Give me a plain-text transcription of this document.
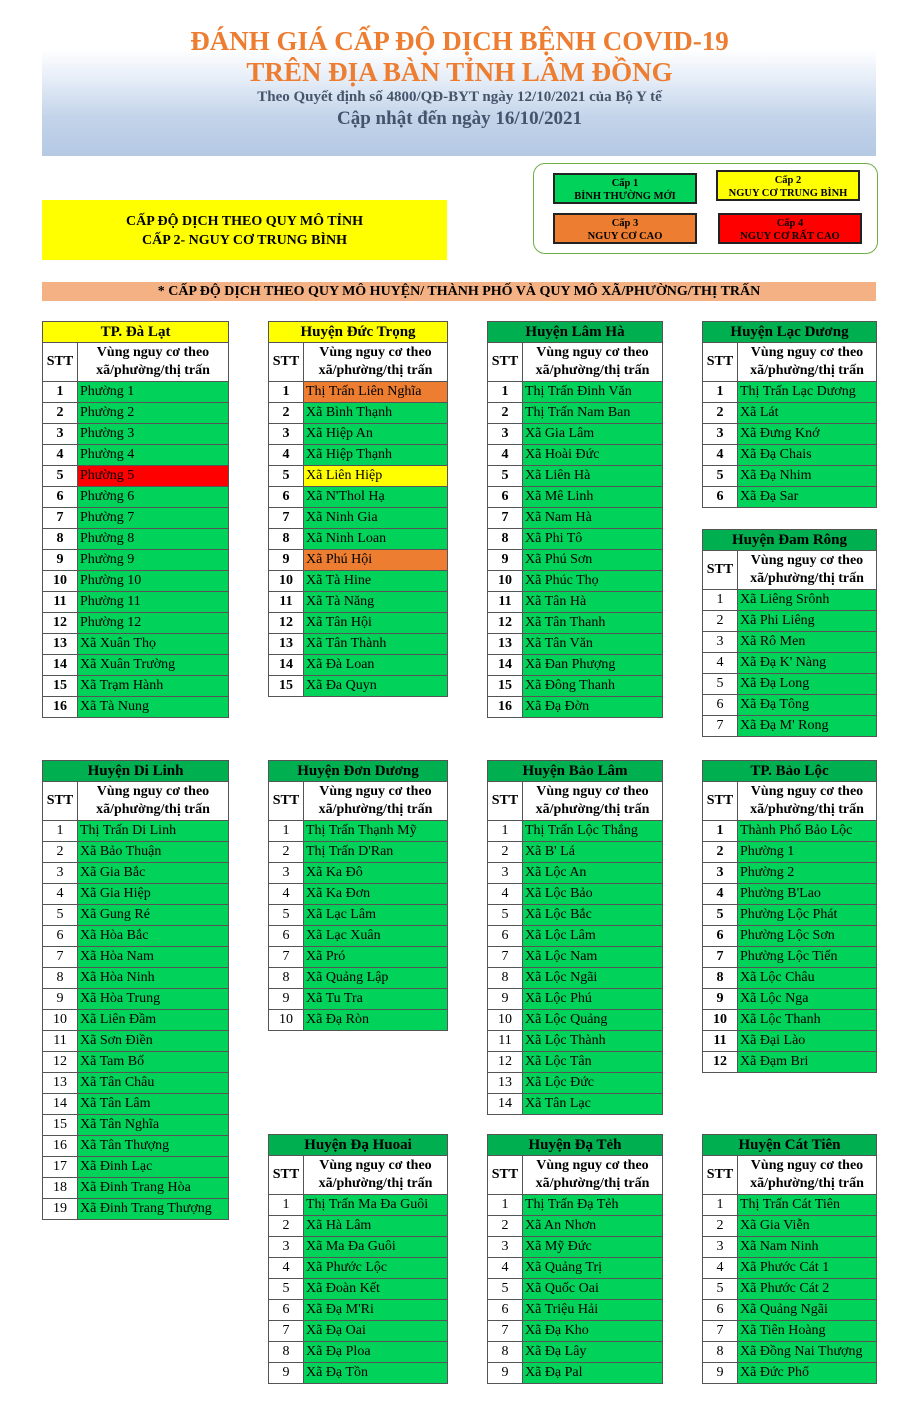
ĐÁNH GIÁ CẤP ĐỘ DỊCH BỆNH COVID-19
TRÊN ĐỊA BÀN TỈNH LÂM ĐỒNG
Theo Quyết định số 4800/QĐ-BYT ngày 12/10/2021 của Bộ Y tế
Cập nhật đến ngày 16/10/2021
Cấp 1
BÌNH THƯỜNG MỚI
Cấp 2
NGUY CƠ TRUNG BÌNH
Cấp 3
NGUY CƠ CAO
Cấp 4
NGUY CƠ RẤT CAO
CẤP ĐỘ DỊCH THEO QUY MÔ TỈNH
CẤP 2- NGUY CƠ TRUNG BÌNH
* CẤP ĐỘ DỊCH THEO QUY MÔ HUYỆN/ THÀNH PHỐ VÀ QUY MÔ XÃ/PHƯỜNG/THỊ TRẤN
TP. Đà Lạt	
STT	Vùng nguy cơ theo
xã/phường/thị trấn

1	Phường 1
2	Phường 2
3	Phường 3
4	Phường 4
5	Phường 5
6	Phường 6
7	Phường 7
8	Phường 8
9	Phường 9
10	Phường 10
11	Phường 11
12	Phường 12
13	Xã Xuân Thọ
14	Xã Xuân Trường
15	Xã Trạm Hành
16	Xã Tà Nung
Huyện Đức Trọng	
STT	Vùng nguy cơ theo
xã/phường/thị trấn

1	Thị Trấn Liên Nghĩa
2	Xã Bình Thạnh
3	Xã Hiệp An
4	Xã Hiệp Thạnh
5	Xã Liên Hiệp
6	Xã N'Thol Hạ
7	Xã Ninh Gia
8	Xã Ninh Loan
9	Xã Phú Hội
10	Xã Tà Hine
11	Xã Tà Năng
12	Xã Tân Hội
13	Xã Tân Thành
14	Xã Đà Loan
15	Xã Đa Quyn
Huyện Lâm Hà	
STT	Vùng nguy cơ theo
xã/phường/thị trấn

1	Thị Trấn Đinh Văn
2	Thị Trấn Nam Ban
3	Xã Gia Lâm
4	Xã Hoài Đức
5	Xã Liên Hà
6	Xã Mê Linh
7	Xã Nam Hà
8	Xã Phi Tô
9	Xã Phú Sơn
10	Xã Phúc Thọ
11	Xã Tân Hà
12	Xã Tân Thanh
13	Xã Tân Văn
14	Xã Đan Phượng
15	Xã Đông Thanh
16	Xã Đạ Đờn
Huyện Lạc Dương	
STT	Vùng nguy cơ theo
xã/phường/thị trấn

1	Thị Trấn Lạc Dương
2	Xã Lát
3	Xã Đưng Knớ
4	Xã Đạ Chais
5	Xã Đạ Nhim
6	Xã Đạ Sar
Huyện Đam Rông	
STT	Vùng nguy cơ theo
xã/phường/thị trấn

1	Xã Liêng Srônh
2	Xã Phi Liêng
3	Xã Rô Men
4	Xã Đạ K' Nàng
5	Xã Đạ Long
6	Xã Đạ Tông
7	Xã Đạ M' Rong
Huyện Di Linh	
STT	Vùng nguy cơ theo
xã/phường/thị trấn

1	Thị Trấn Di Linh
2	Xã Bảo Thuận
3	Xã Gia Bắc
4	Xã Gia Hiệp
5	Xã Gung Ré
6	Xã Hòa Bắc
7	Xã Hòa Nam
8	Xã Hòa Ninh
9	Xã Hòa Trung
10	Xã Liên Đầm
11	Xã Sơn Điền
12	Xã Tam Bố
13	Xã Tân Châu
14	Xã Tân Lâm
15	Xã Tân Nghĩa
16	Xã Tân Thượng
17	Xã Đinh Lạc
18	Xã Đinh Trang Hòa
19	Xã Đinh Trang Thượng
Huyện Đơn Dương	
STT	Vùng nguy cơ theo
xã/phường/thị trấn

1	Thị Trấn Thạnh Mỹ
2	Thị Trấn D'Ran
3	Xã Ka Đô
4	Xã Ka Đơn
5	Xã Lạc Lâm
6	Xã Lạc Xuân
7	Xã Pró
8	Xã Quảng Lập
9	Xã Tu Tra
10	Xã Đạ Ròn
Huyện Bảo Lâm	
STT	Vùng nguy cơ theo
xã/phường/thị trấn

1	Thị Trấn Lộc Thắng
2	Xã B' Lá
3	Xã Lộc An
4	Xã Lộc Bảo
5	Xã Lộc Bắc
6	Xã Lộc Lâm
7	Xã Lộc Nam
8	Xã Lộc Ngãi
9	Xã Lộc Phú
10	Xã Lộc Quảng
11	Xã Lộc Thành
12	Xã Lộc Tân
13	Xã Lộc Đức
14	Xã Tân Lạc
TP. Bảo Lộc	
STT	Vùng nguy cơ theo
xã/phường/thị trấn

1	Thành Phố Bảo Lộc
2	Phường 1
3	Phường 2
4	Phường B'Lao
5	Phường Lộc Phát
6	Phường Lộc Sơn
7	Phường Lộc Tiến
8	Xã Lộc Châu
9	Xã Lộc Nga
10	Xã Lộc Thanh
11	Xã Đại Lào
12	Xã Đạm Bri
Huyện Đạ Huoai	
STT	Vùng nguy cơ theo
xã/phường/thị trấn

1	Thị Trấn Ma Đa Guôi
2	Xã Hà Lâm
3	Xã Ma Đa Guôi
4	Xã Phước Lộc
5	Xã Đoàn Kết
6	Xã Đạ M'Ri
7	Xã Đạ Oai
8	Xã Đạ Ploa
9	Xã Đạ Tồn
Huyện Đạ Tẻh	
STT	Vùng nguy cơ theo
xã/phường/thị trấn

1	Thị Trấn Đạ Tẻh
2	Xã An Nhơn
3	Xã Mỹ Đức
4	Xã Quảng Trị
5	Xã Quốc Oai
6	Xã Triệu Hải
7	Xã Đạ Kho
8	Xã Đạ Lây
9	Xã Đạ Pal
Huyện Cát Tiên	
STT	Vùng nguy cơ theo
xã/phường/thị trấn

1	Thị Trấn Cát Tiên
2	Xã Gia Viễn
3	Xã Nam Ninh
4	Xã Phước Cát 1
5	Xã Phước Cát 2
6	Xã Quảng Ngãi
7	Xã Tiên Hoàng
8	Xã Đồng Nai Thượng
9	Xã Đức Phổ
